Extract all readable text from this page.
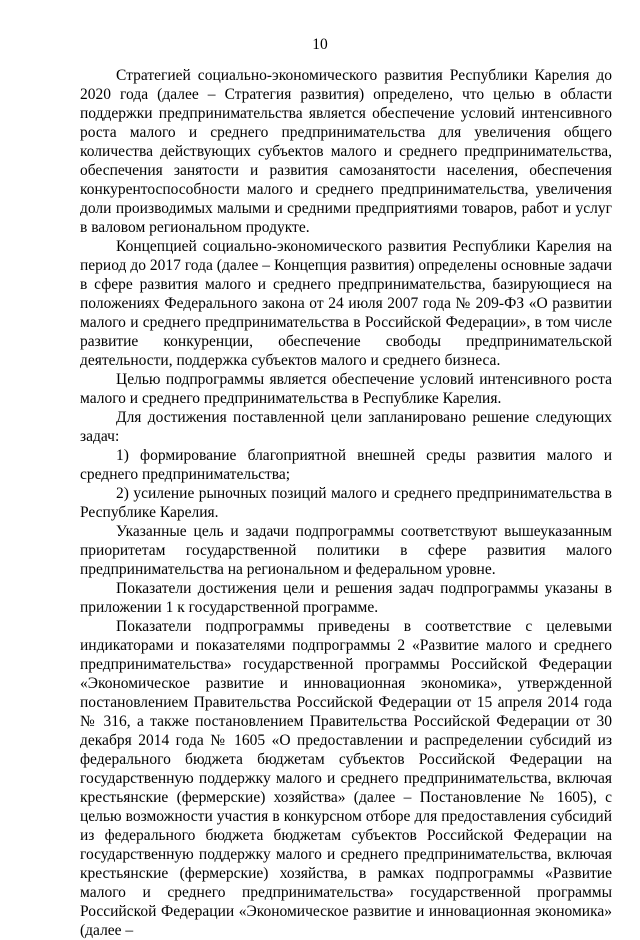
10

Стратегией социально-экономического развития Республики Карелия до 2020 года (далее – Стратегия развития) определено, что целью в области поддержки предпринимательства является обеспечение условий интенсивного роста малого и среднего предпринимательства для увеличения общего количества действующих субъектов малого и среднего предпринимательства, обеспечения занятости и развития самозанятости населения, обеспечения конкурентоспособности малого и среднего предпринимательства, увеличения доли производимых малыми и средними предприятиями товаров, работ и услуг в валовом региональном продукте.

Концепцией социально-экономического развития Республики Карелия на период до 2017 года (далее – Концепция развития) определены основные задачи в сфере развития малого и среднего предпринимательства, базирующиеся на положениях Федерального закона от 24 июля 2007 года № 209-ФЗ «О развитии малого и среднего предпринимательства в Российской Федерации», в том числе развитие конкуренции, обеспечение свободы предпринимательской деятельности, поддержка субъектов малого и среднего бизнеса.

Целью подпрограммы является обеспечение условий интенсивного роста малого и среднего предпринимательства в Республике Карелия.

Для достижения поставленной цели запланировано решение следующих задач:

1) формирование благоприятной внешней среды развития малого и среднего предпринимательства;

2) усиление рыночных позиций малого и среднего предпринимательства в Республике Карелия.

Указанные цель и задачи подпрограммы соответствуют вышеуказанным приоритетам государственной политики в сфере развития малого предпринимательства на региональном и федеральном уровне.

Показатели достижения цели и решения задач подпрограммы указаны в приложении 1 к государственной программе.

Показатели подпрограммы приведены в соответствие с целевыми индикаторами и показателями подпрограммы 2 «Развитие малого и среднего предпринимательства» государственной программы Российской Федерации «Экономическое развитие и инновационная экономика», утвержденной постановлением Правительства Российской Федерации от 15 апреля 2014 года № 316, а также постановлением Правительства Российской Федерации от 30 декабря 2014 года № 1605 «О предоставлении и распределении субсидий из федерального бюджета бюджетам субъектов Российской Федерации на государственную поддержку малого и среднего предпринимательства, включая крестьянские (фермерские) хозяйства» (далее – Постановление № 1605), с целью возможности участия в конкурсном отборе для предоставления субсидий из федерального бюджета бюджетам субъектов Российской Федерации на государственную поддержку малого и среднего предпринимательства, включая крестьянские (фермерские) хозяйства, в рамках подпрограммы «Развитие малого и среднего предпринимательства» государственной программы Российской Федерации «Экономическое развитие и инновационная экономика» (далее –
